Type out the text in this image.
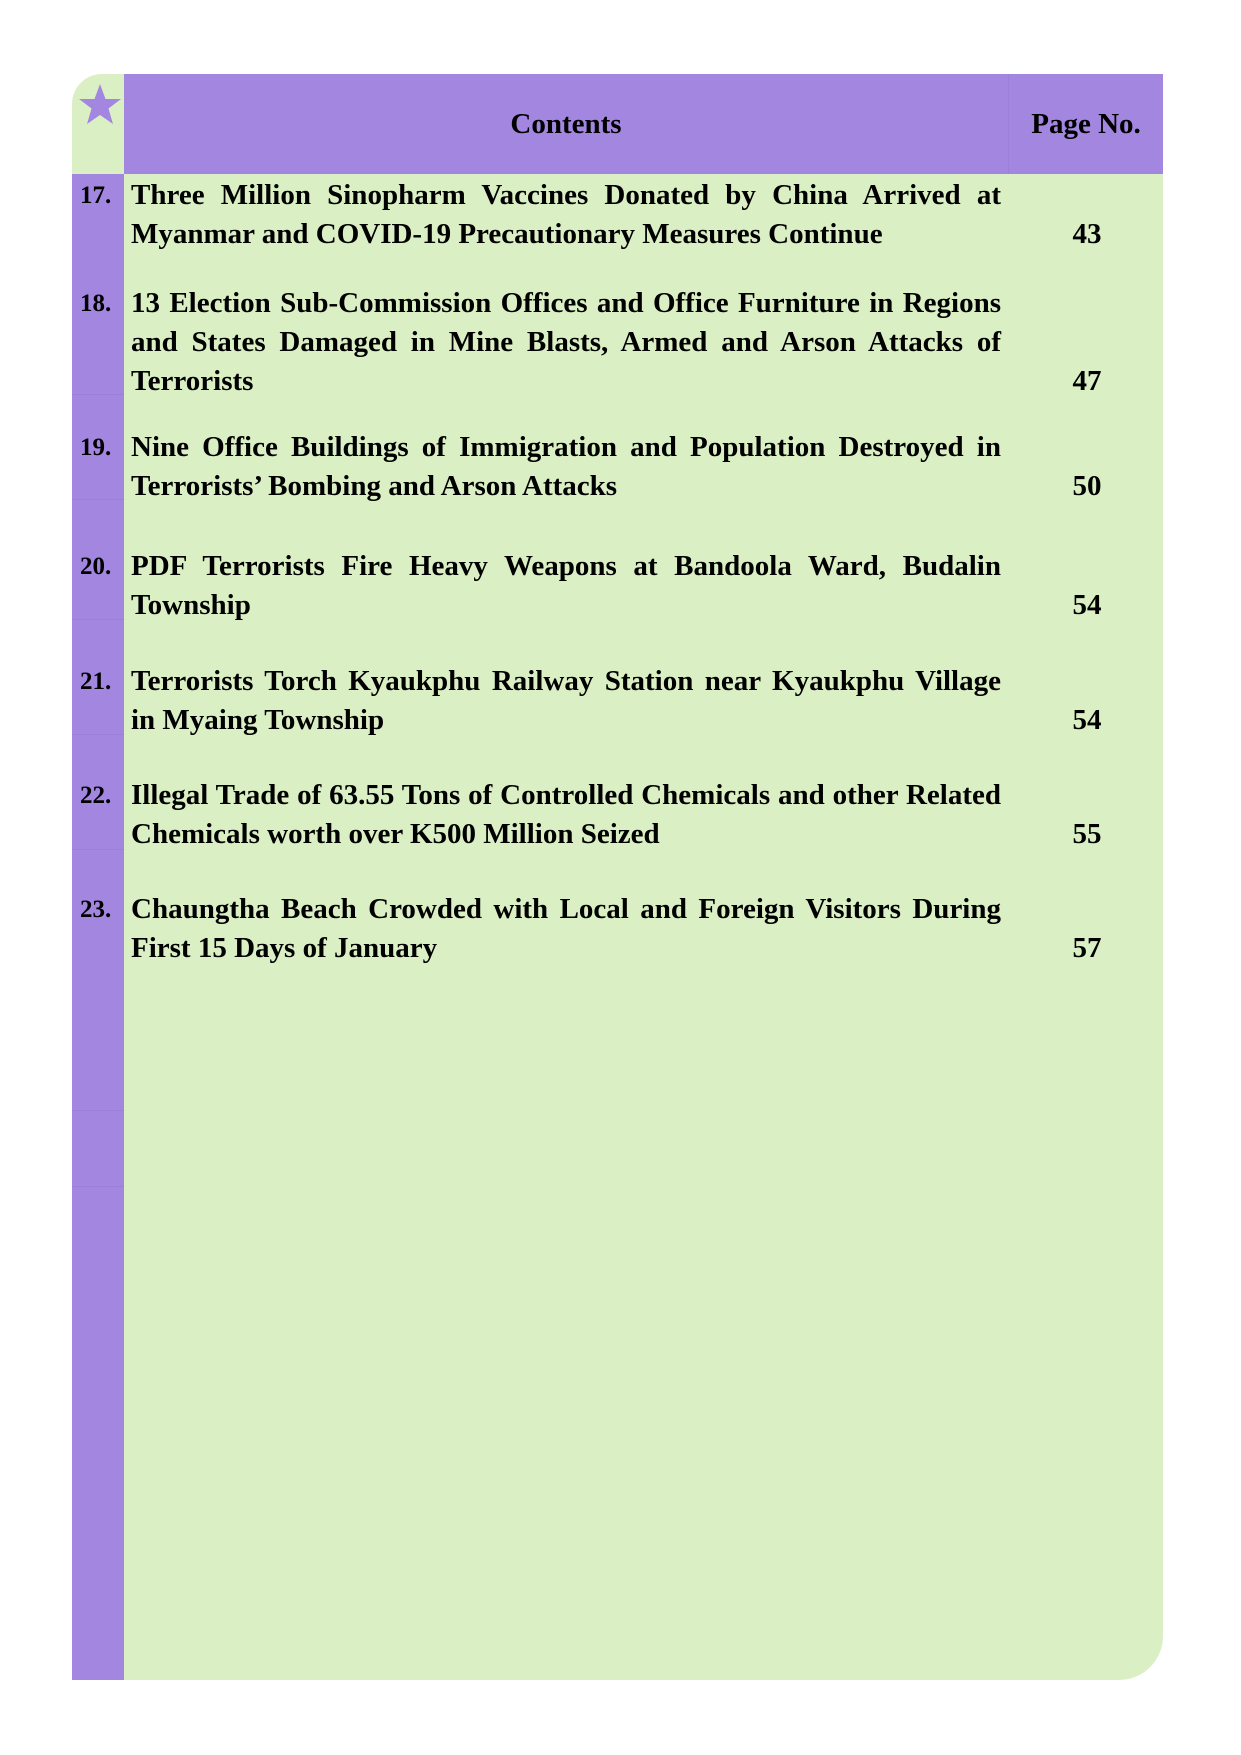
Contents	Page No.
17. Three Million Sinopharm Vaccines Donated by China Arrived at Myanmar and COVID-19 Precautionary Measures Continue	43
18. 13 Election Sub-Commission Offices and Office Furniture in Regions and States Damaged in Mine Blasts, Armed and Arson Attacks of Terrorists	47
19. Nine Office Buildings of Immigration and Population Destroyed in Terrorists’ Bombing and Arson Attacks	50
20. PDF Terrorists Fire Heavy Weapons at Bandoola Ward, Budalin Township	54
21. Terrorists Torch Kyaukphu Railway Station near Kyaukphu Village in Myaing Township	54
22. Illegal Trade of 63.55 Tons of Controlled Chemicals and other Related Chemicals worth over K500 Million Seized	55
23. Chaungtha Beach Crowded with Local and Foreign Visitors During First 15 Days of January	57
